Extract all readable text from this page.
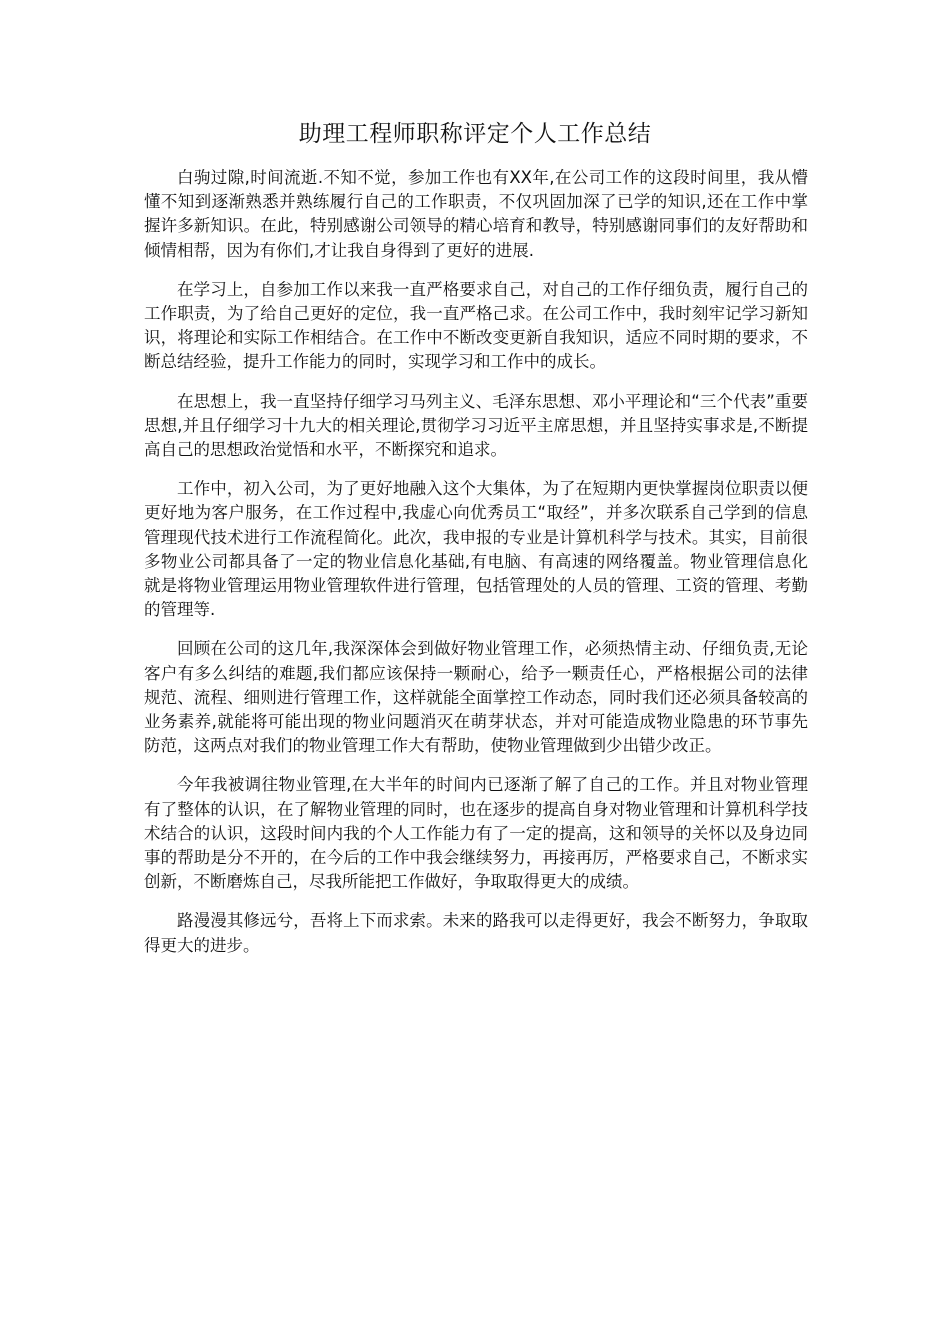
助理工程师职称评定个人工作总结

白驹过隙,时间流逝.不知不觉，参加工作也有XX年,在公司工作的这段时间里，我从懵懂不知到逐渐熟悉并熟练履行自己的工作职责，不仅巩固加深了已学的知识,还在工作中掌握许多新知识。在此，特别感谢公司领导的精心培育和教导，特别感谢同事们的友好帮助和倾情相帮，因为有你们,才让我自身得到了更好的进展.

在学习上，自参加工作以来我一直严格要求自己，对自己的工作仔细负责，履行自己的工作职责，为了给自己更好的定位，我一直严格己求。在公司工作中，我时刻牢记学习新知识，将理论和实际工作相结合。在工作中不断改变更新自我知识，适应不同时期的要求，不断总结经验，提升工作能力的同时，实现学习和工作中的成长。

在思想上，我一直坚持仔细学习马列主义、毛泽东思想、邓小平理论和“三个代表”重要思想,并且仔细学习十九大的相关理论,贯彻学习习近平主席思想，并且坚持实事求是,不断提高自己的思想政治觉悟和水平，不断探究和追求。

工作中，初入公司，为了更好地融入这个大集体，为了在短期内更快掌握岗位职责以便更好地为客户服务，在工作过程中,我虚心向优秀员工“取经”，并多次联系自己学到的信息管理现代技术进行工作流程简化。此次，我申报的专业是计算机科学与技术。其实，目前很多物业公司都具备了一定的物业信息化基础,有电脑、有高速的网络覆盖。物业管理信息化就是将物业管理运用物业管理软件进行管理，包括管理处的人员的管理、工资的管理、考勤的管理等.

回顾在公司的这几年,我深深体会到做好物业管理工作，必须热情主动、仔细负责,无论客户有多么纠结的难题,我们都应该保持一颗耐心，给予一颗责任心，严格根据公司的法律规范、流程、细则进行管理工作，这样就能全面掌控工作动态，同时我们还必须具备较高的业务素养,就能将可能出现的物业问题消灭在萌芽状态，并对可能造成物业隐患的环节事先防范，这两点对我们的物业管理工作大有帮助，使物业管理做到少出错少改正。

今年我被调往物业管理,在大半年的时间内已逐渐了解了自己的工作。并且对物业管理有了整体的认识，在了解物业管理的同时，也在逐步的提高自身对物业管理和计算机科学技术结合的认识，这段时间内我的个人工作能力有了一定的提高，这和领导的关怀以及身边同事的帮助是分不开的，在今后的工作中我会继续努力，再接再厉，严格要求自己，不断求实创新，不断磨炼自己，尽我所能把工作做好，争取取得更大的成绩。

路漫漫其修远兮，吾将上下而求索。未来的路我可以走得更好，我会不断努力，争取取得更大的进步。
